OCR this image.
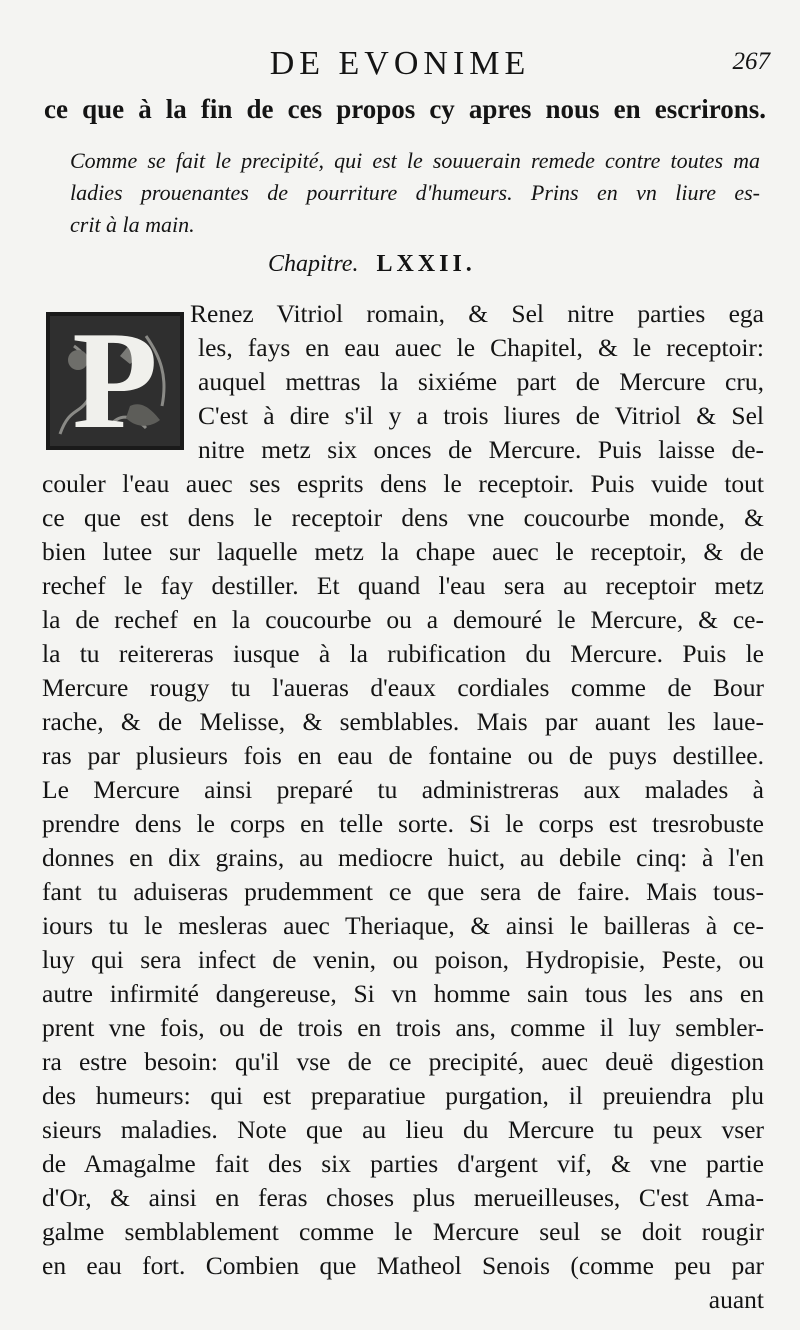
DE EVONIME	267
ce que à la fin de ces propos cy apres nous en escrirons.
Comme se fait le precipité, qui est le souuerain remede contre toutes ma
ladies prouenantes de pourriture d'humeurs. Prins en vn liure es-
crit à la main.
Chapitre. LXXII.
P	Renez Vitriol romain, & Sel nitre parties ega
les, fays en eau auec le Chapitel, & le receptoir:
auquel mettras la sixiéme part de Mercure cru,
C'est à dire s'il y a trois liures de Vitriol & Sel
nitre metz six onces de Mercure. Puis laisse de-
couler l'eau auec ses esprits dens le receptoir. Puis vuide tout
ce que est dens le receptoir dens vne coucourbe monde, &
bien lutee sur laquelle metz la chape auec le receptoir, & de
rechef le fay destiller. Et quand l'eau sera au receptoir metz
la de rechef en la coucourbe ou a demouré le Mercure, & ce-
la tu reitereras iusque à la rubification du Mercure. Puis le
Mercure rougy tu l'aueras d'eaux cordiales comme de Bour
rache, & de Melisse, & semblables. Mais par auant les laue-
ras par plusieurs fois en eau de fontaine ou de puys destillee.
Le Mercure ainsi preparé tu administreras aux malades à
prendre dens le corps en telle sorte. Si le corps est tresrobuste
donnes en dix grains, au mediocre huict, au debile cinq: à l'en
fant tu aduiseras prudemment ce que sera de faire. Mais tous-
iours tu le mesleras auec Theriaque, & ainsi le bailleras à ce-
luy qui sera infect de venin, ou poison, Hydropisie, Peste, ou
autre infirmité dangereuse, Si vn homme sain tous les ans en
prent vne fois, ou de trois en trois ans, comme il luy sembler-
ra estre besoin: qu'il vse de ce precipité, auec deuë digestion
des humeurs: qui est preparatiue purgation, il preuiendra plu
sieurs maladies. Note que au lieu du Mercure tu peux vser
de Amagalme fait des six parties d'argent vif, & vne partie
d'Or, & ainsi en feras choses plus merueilleuses, C'est Ama-
galme semblablement comme le Mercure seul se doit rougir
en eau fort. Combien que Matheol Senois (comme peu par
auant
